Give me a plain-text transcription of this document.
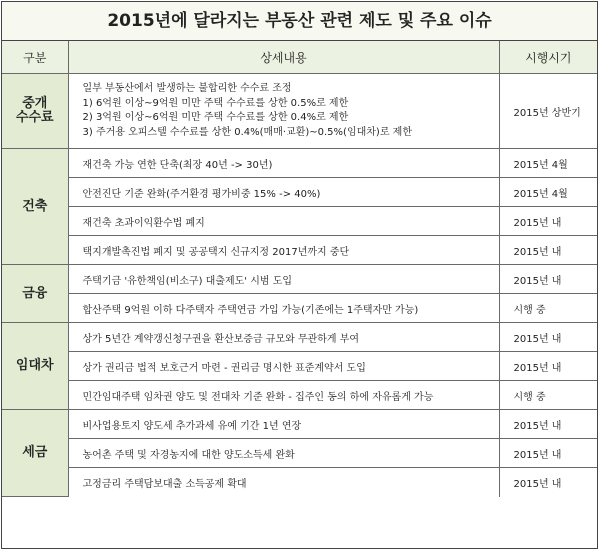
2015년에 달라지는 부동산 관련 제도 및 주요 이슈
구분	상세내용	시행시기

중개
수수료	일부 부동산에서 발생하는 불합리한 수수료 조정
1) 6억원 이상~9억원 미만 주택 수수료를 상한 0.5%로 제한
2) 3억원 이상~6억원 미만 주택 수수료를 상한 0.4%로 제한
3) 주거용 오피스텔 수수료를 상한 0.4%(매매·교환)~0.5%(임대차)로 제한	2015년 상반기
건축	재건축 가능 연한 단축(최장 40년 -> 30년)	2015년 4월
	안전진단 기준 완화(주거환경 평가비중 15% -> 40%)	2015년 4월
	재건축 초과이익환수법 폐지	2015년 내
	택지개발촉진법 폐지 및 공공택지 신규지정 2017년까지 중단	2015년 내
금융	주택기금 '유한책임(비소구) 대출제도' 시범 도입	2015년 내
	합산주택 9억원 이하 다주택자 주택연금 가입 가능(기존에는 1주택자만 가능)	시행 중
임대차	상가 5년간 계약갱신청구권을 환산보증금 규모와 무관하게 부여	2015년 내
	상가 권리금 법적 보호근거 마련 - 권리금 명시한 표준계약서 도입	2015년 내
	민간임대주택 임차권 양도 및 전대차 기준 완화 - 집주인 동의 하에 자유롭게 가능	시행 중
세금	비사업용토지 양도세 추가과세 유예 기간 1년 연장	2015년 내
	농어촌 주택 및 자경농지에 대한 양도소득세 완화	2015년 내
	고정금리 주택담보대출 소득공제 확대	2015년 내
